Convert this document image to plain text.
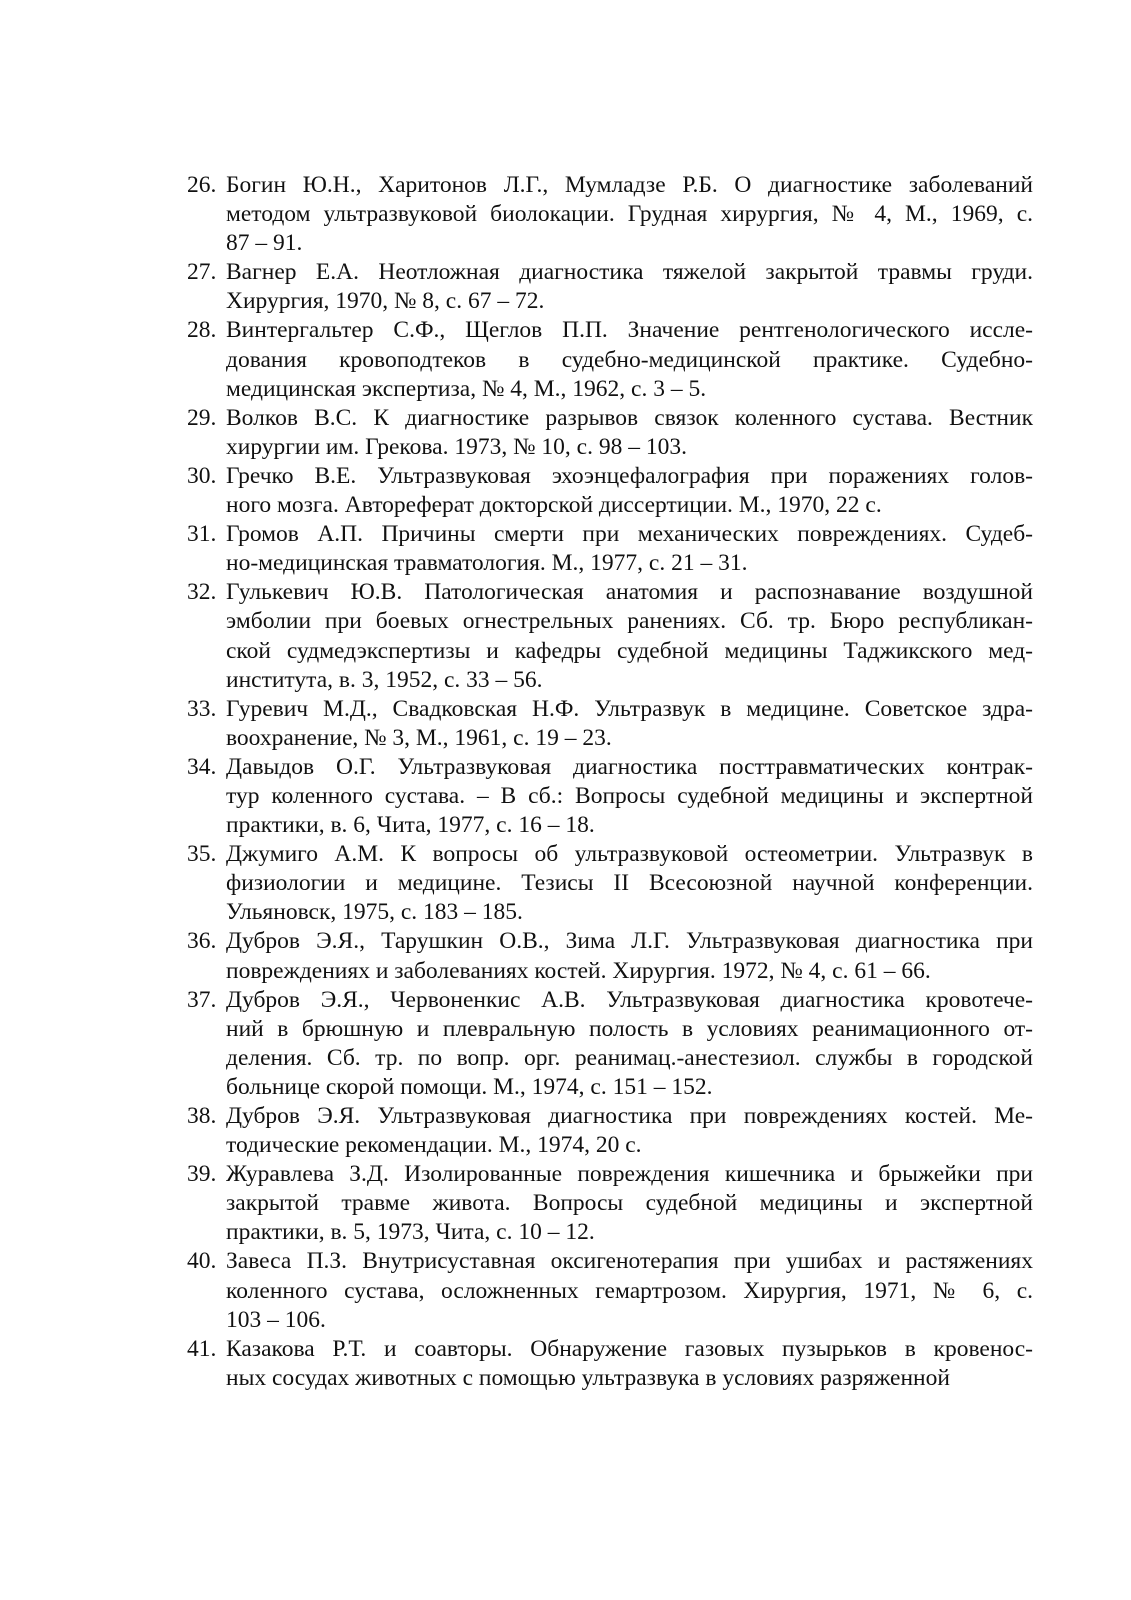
26. Богин Ю.Н., Харитонов Л.Г., Мумладзе Р.Б. О диагностике заболеваний
методом ультразвуковой биолокации. Грудная хирургия, № 4, М., 1969, с.
87 – 91.
27. Вагнер Е.А. Неотложная диагностика тяжелой закрытой травмы груди.
Хирургия, 1970, № 8, с. 67 – 72.
28. Винтергальтер С.Ф., Щеглов П.П. Значение рентгенологического иссле-
дования кровоподтеков в судебно-медицинской практике. Судебно-
медицинская экспертиза, № 4, М., 1962, с. 3 – 5.
29. Волков В.С. К диагностике разрывов связок коленного сустава. Вестник
хирургии им. Грекова. 1973, № 10, с. 98 – 103.
30. Гречко В.Е. Ультразвуковая эхоэнцефалография при поражениях голов-
ного мозга. Автореферат докторской диссертиции. М., 1970, 22 с.
31. Громов А.П. Причины смерти при механических повреждениях. Судеб-
но-медицинская травматология. М., 1977, с. 21 – 31.
32. Гулькевич Ю.В. Патологическая анатомия и распознавание воздушной
эмболии при боевых огнестрельных ранениях. Сб. тр. Бюро республикан-
ской судмедэкспертизы и кафедры судебной медицины Таджикского мед-
института, в. 3, 1952, с. 33 – 56.
33. Гуревич М.Д., Свадковская Н.Ф. Ультразвук в медицине. Советское здра-
воохранение, № 3, М., 1961, с. 19 – 23.
34. Давыдов О.Г. Ультразвуковая диагностика посттравматических контрак-
тур коленного сустава. – В сб.: Вопросы судебной медицины и экспертной
практики, в. 6, Чита, 1977, с. 16 – 18.
35. Джумиго А.М. К вопросы об ультразвуковой остеометрии. Ультразвук в
физиологии и медицине. Тезисы II Всесоюзной научной конференции.
Ульяновск, 1975, с. 183 – 185.
36. Дубров Э.Я., Тарушкин О.В., Зима Л.Г. Ультразвуковая диагностика при
повреждениях и заболеваниях костей. Хирургия. 1972, № 4, с. 61 – 66.
37. Дубров Э.Я., Червоненкис А.В. Ультразвуковая диагностика кровотече-
ний в брюшную и плевральную полость в условиях реанимационного от-
деления. Сб. тр. по вопр. орг. реанимац.-анестезиол. службы в городской
больнице скорой помощи. М., 1974, с. 151 – 152.
38. Дубров Э.Я. Ультразвуковая диагностика при повреждениях костей. Ме-
тодические рекомендации. М., 1974, 20 с.
39. Журавлева З.Д. Изолированные повреждения кишечника и брыжейки при
закрытой травме живота. Вопросы судебной медицины и экспертной
практики, в. 5, 1973, Чита, с. 10 – 12.
40. Завеса П.З. Внутрисуставная оксигенотерапия при ушибах и растяжениях
коленного сустава, осложненных гемартрозом. Хирургия, 1971, № 6, с.
103 – 106.
41. Казакова Р.Т. и соавторы. Обнаружение газовых пузырьков в кровенос-
ных сосудах животных с помощью ультразвука в условиях разряженной
